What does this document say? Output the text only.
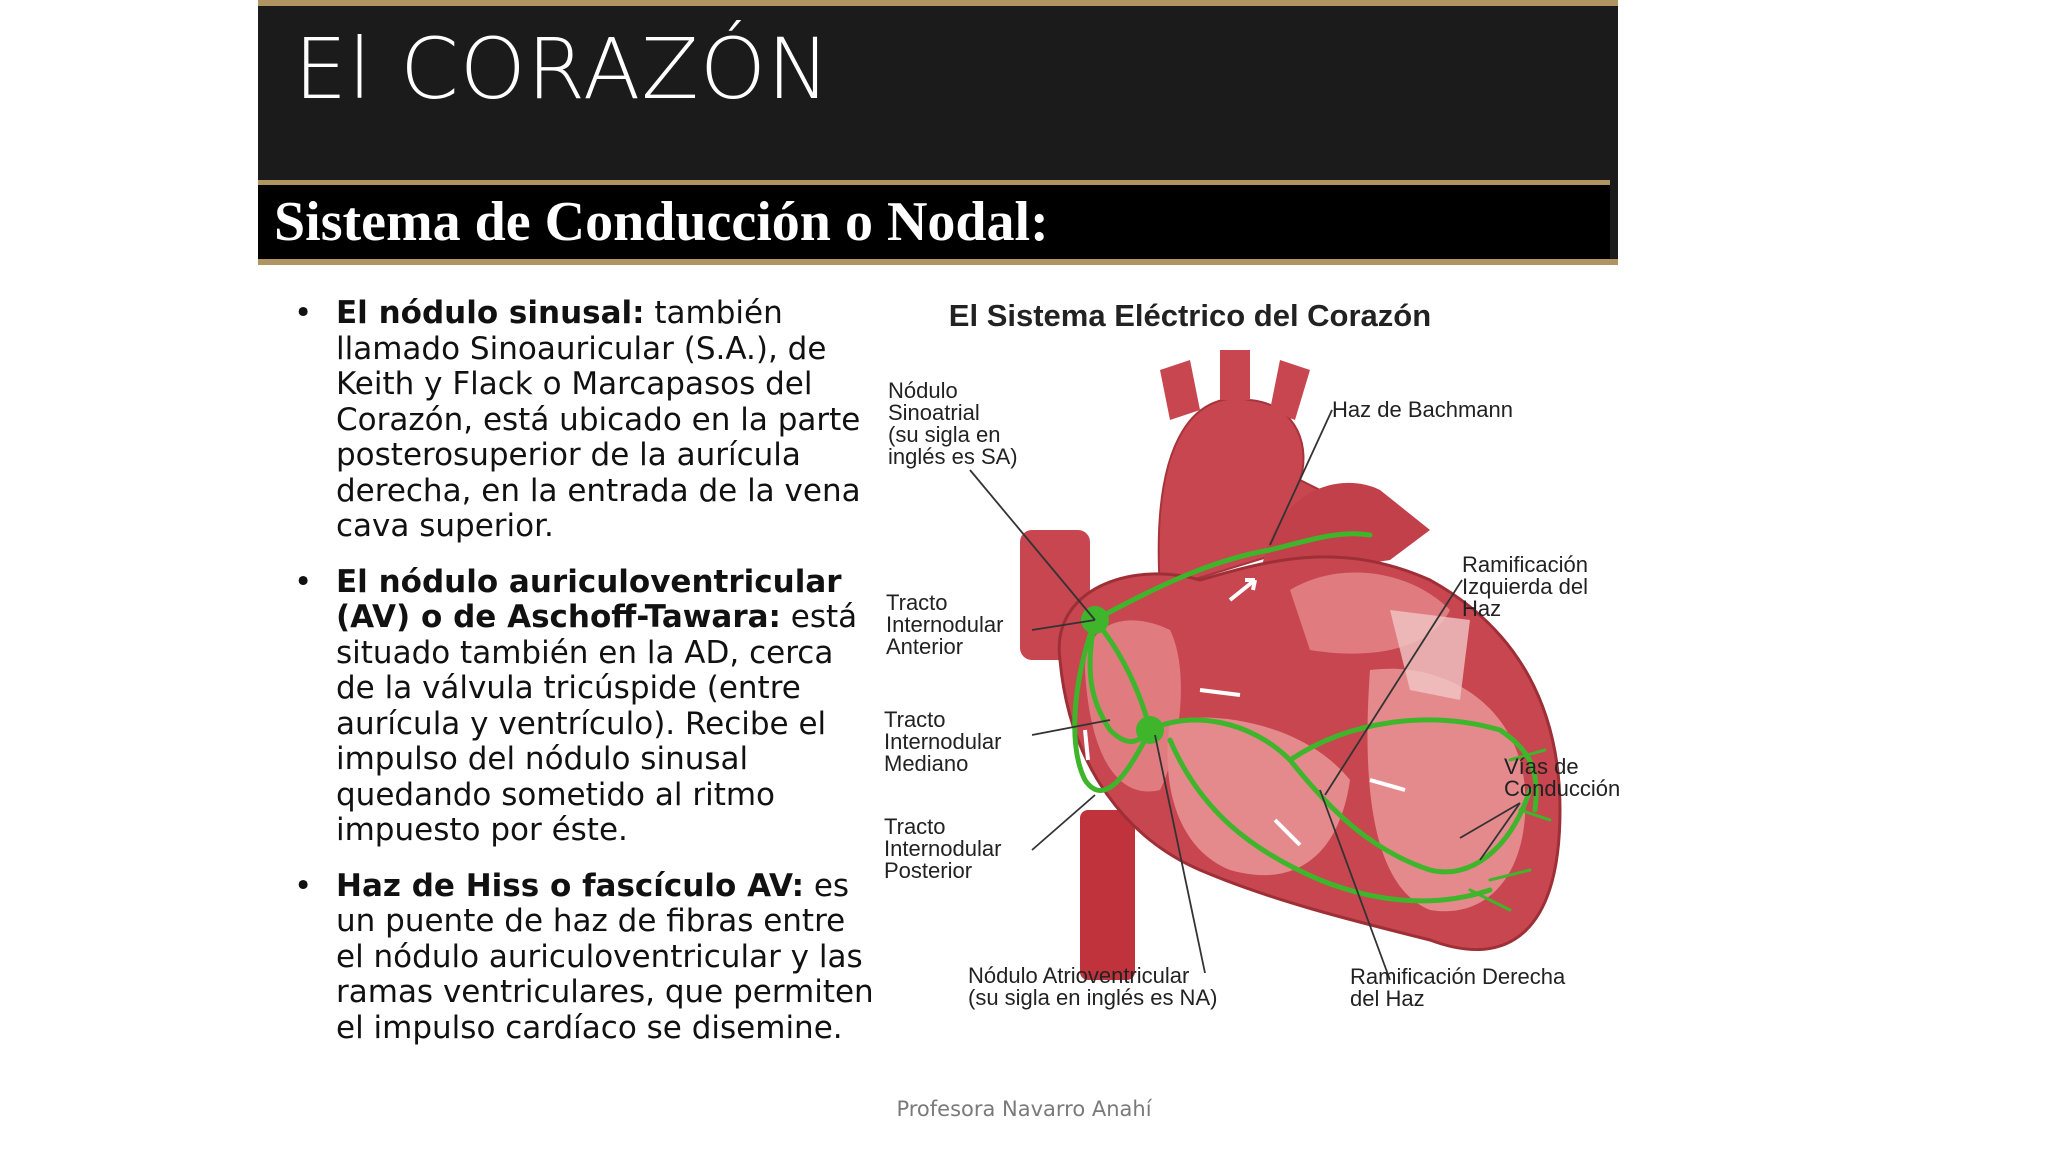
El CORAZÓN
Sistema de Conducción o Nodal:
• El nódulo sinusal: también llamado Sinoauricular (S.A.), de Keith y Flack o Marcapasos del Corazón, está ubicado en la parte posterosuperior de la aurícula derecha, en la entrada de la vena cava superior.
• El nódulo auriculoventricular (AV) o de Aschoff-Tawara: está situado también en la AD, cerca de la válvula tricúspide (entre aurícula y ventrículo). Recibe el impulso del nódulo sinusal quedando sometido al ritmo impuesto por éste.
• Haz de Hiss o fascículo AV: es un puente de haz de fibras entre el nódulo auriculoventricular y las ramas ventriculares, que permiten el impulso cardíaco se disemine.
El Sistema Eléctrico del Corazón
Nódulo Sinoatrial (su sigla en inglés es SA)
Haz de Bachmann
Ramificación Izquierda del Haz
Tracto Internodular Anterior
Tracto Internodular Mediano
Tracto Internodular Posterior
Vías de Conducción
Nódulo Atrioventricular (su sigla en inglés es NA)
Ramificación Derecha del Haz
Profesora Navarro Anahí
